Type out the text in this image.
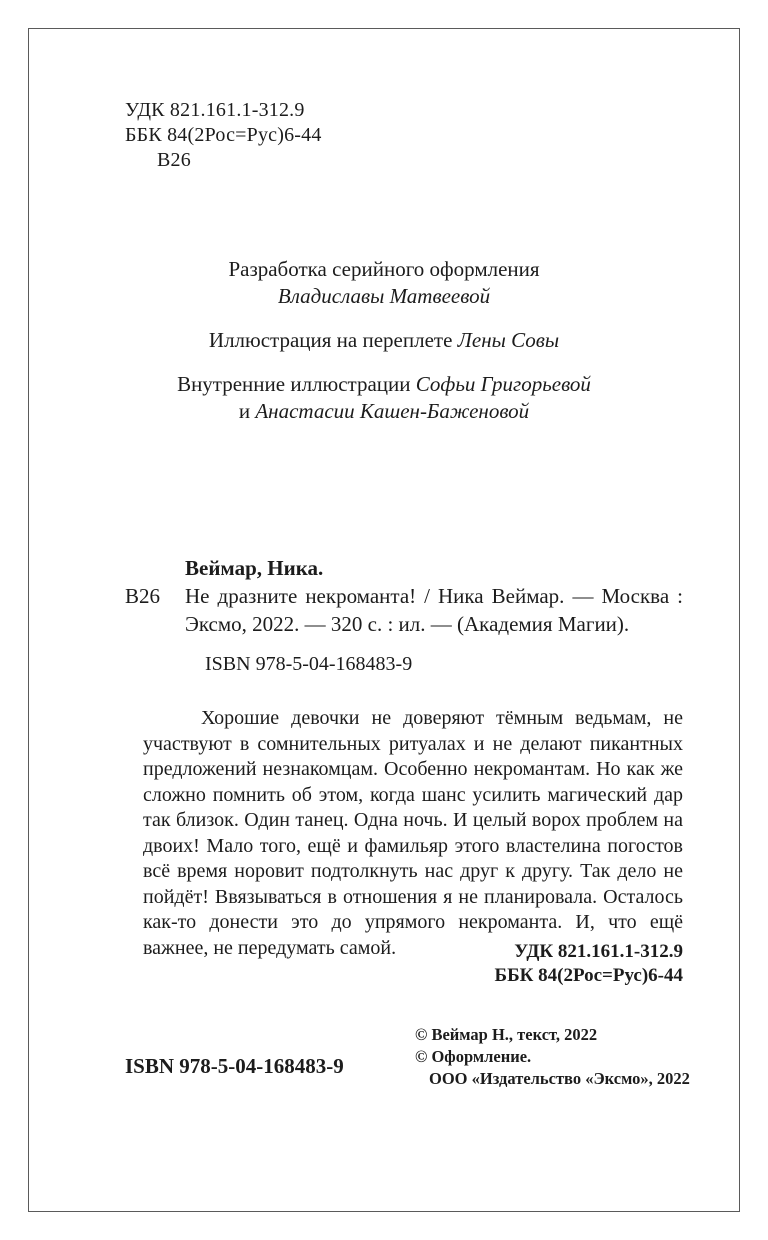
УДК 821.161.1-312.9
ББК 84(2Рос=Рус)6-44
В26
Разработка серийного оформления
Владиславы Матвеевой
Иллюстрация на переплете Лены Совы
Внутренние иллюстрации Софьи Григорьевой
и Анастасии Кашен-Баженовой
Веймар, Ника.
В26 Не дразните некроманта! / Ника Веймар. — Москва : Эксмо, 2022. — 320 с. : ил. — (Академия Магии).
ISBN 978-5-04-168483-9
Хорошие девочки не доверяют тёмным ведьмам, не участвуют в сомнительных ритуалах и не делают пикантных предложений незнакомцам. Особенно некромантам. Но как же сложно помнить об этом, когда шанс усилить магический дар так близок. Один танец. Одна ночь. И целый ворох проблем на двоих! Мало того, ещё и фамильяр этого властелина погостов всё время норовит подтолкнуть нас друг к другу. Так дело не пойдёт! Ввязываться в отношения я не планировала. Осталось как-то донести это до упрямого некроманта. И, что ещё важнее, не передумать самой.	УДК 821.161.1-312.9
ББК 84(2Рос=Рус)6-44
© Веймар Н., текст, 2022
© Оформление.
ООО «Издательство «Эксмо», 2022
ISBN 978-5-04-168483-9
